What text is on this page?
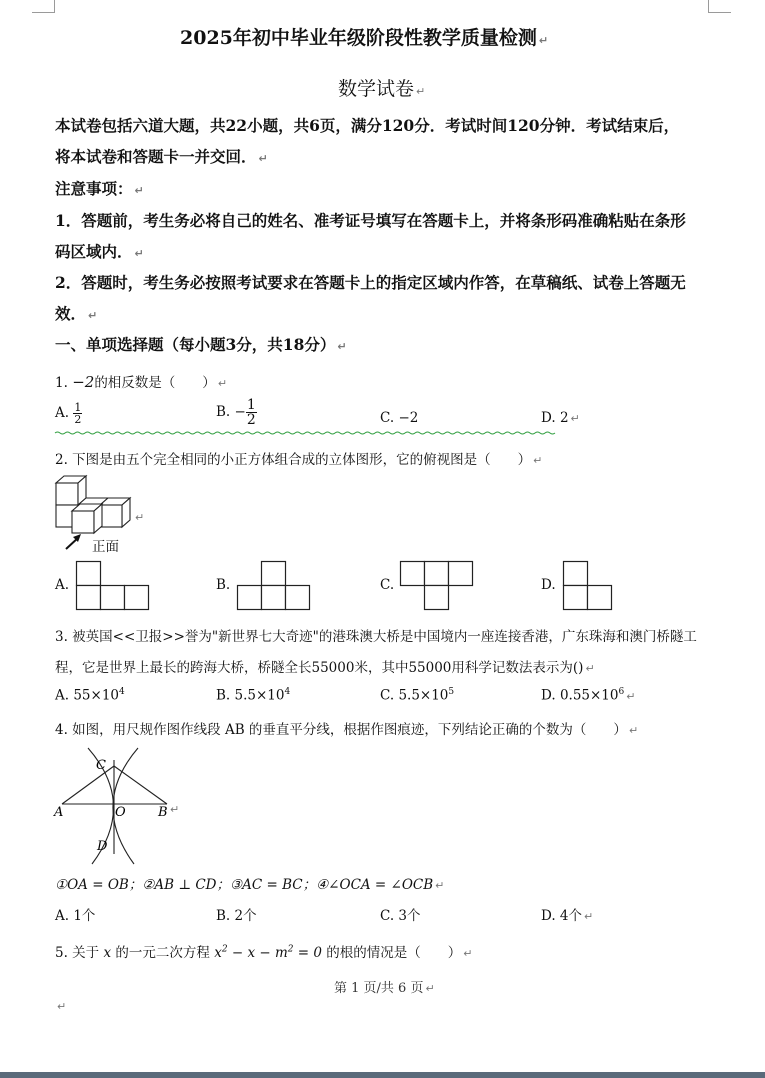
2025年初中毕业年级阶段性教学质量检测 ↵
数学试卷 ↵
本试卷包括六道大题，共22小题，共6页，满分120分．考试时间120分钟．考试结束后，
将本试卷和答题卡一并交回． ↵
注意事项： ↵
1．答题前，考生务必将自己的姓名、准考证号填写在答题卡上，并将条形码准确粘贴在条形
码区域内． ↵
2．答题时，考生务必按照考试要求在答题卡上的指定区域内作答，在草稿纸、试卷上答题无
效． ↵
一、单项选择题（每小题3分，共18分） ↵
1. −2的相反数是（　　） ↵
A. $\frac{1}{2}$	B. − $\frac{1}{2}$	C. −2	D. 2 ↵
2. 下图是由五个完全相同的小正方体组合成的立体图形，它的俯视图是（　　） ↵
↵
正面
A.	B.	C.	D.
3. 被英国<<卫报>>誉为"新世界七大奇迹"的港珠澳大桥是中国境内一座连接香港，广东珠海和澳门桥隧工
程，它是世界上最长的跨海大桥，桥隧全长55000米，其中55000用科学记数法表示为() ↵
A. $55\times 10^4$	B. $5.5\times 10^4$	C. $5.5\times 10^5$	D. $0.55\times 10^6$ ↵
4. 如图，用尺规作图作线段 AB 的垂直平分线，根据作图痕迹，下列结论正确的个数为（　　） ↵
C
A	O B
D
↵
①OA = OB；②AB ⊥ CD；③AC = BC；④∠OCA = ∠OCB ↵
A. 1个	B. 2个	C. 3个	D. 4个 ↵
5. 关于 x 的一元二次方程 $x^2 - x - m^2 = 0$ 的根的情况是（　　） ↵
第 1 页/共 6 页 ↵
↵
